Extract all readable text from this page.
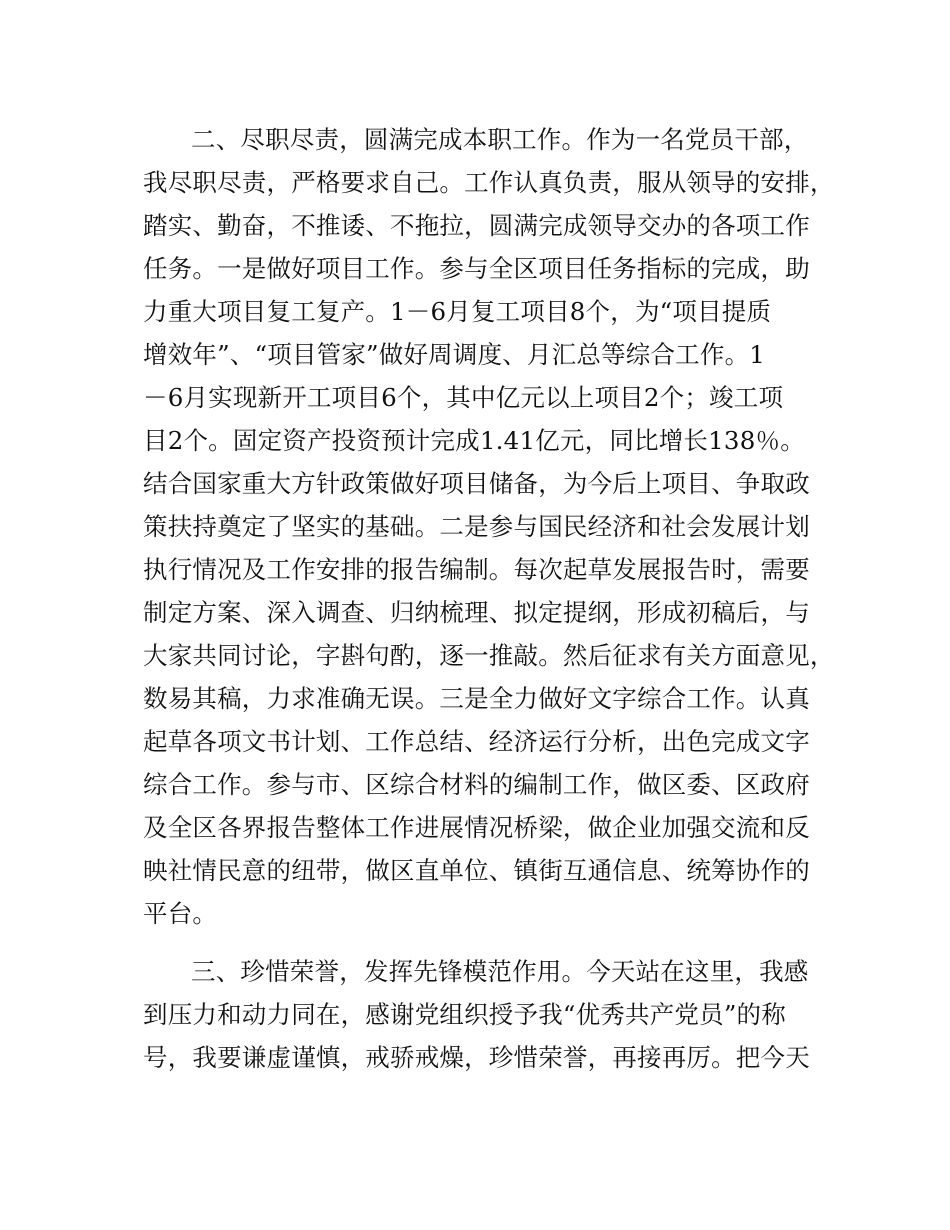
二、尽职尽责，圆满完成本职工作。作为一名党员干部，
我尽职尽责，严格要求自己。工作认真负责，服从领导的安排，
踏实、勤奋，不推诿、不拖拉，圆满完成领导交办的各项工作
任务。一是做好项目工作。参与全区项目任务指标的完成，助
力重大项目复工复产。1－6月复工项目8个，为“项目提质
增效年”、“项目管家”做好周调度、月汇总等综合工作。1
－6月实现新开工项目6个，其中亿元以上项目2个；竣工项
目2个。固定资产投资预计完成1.41亿元，同比增长138％。
结合国家重大方针政策做好项目储备，为今后上项目、争取政
策扶持奠定了坚实的基础。二是参与国民经济和社会发展计划
执行情况及工作安排的报告编制。每次起草发展报告时，需要
制定方案、深入调查、归纳梳理、拟定提纲，形成初稿后，与
大家共同讨论，字斟句酌，逐一推敲。然后征求有关方面意见，
数易其稿，力求准确无误。三是全力做好文字综合工作。认真
起草各项文书计划、工作总结、经济运行分析，出色完成文字
综合工作。参与市、区综合材料的编制工作，做区委、区政府
及全区各界报告整体工作进展情况桥梁，做企业加强交流和反
映社情民意的纽带，做区直单位、镇街互通信息、统筹协作的
平台。
三、珍惜荣誉，发挥先锋模范作用。今天站在这里，我感
到压力和动力同在，感谢党组织授予我“优秀共产党员”的称
号，我要谦虚谨慎，戒骄戒燥，珍惜荣誉，再接再厉。把今天
